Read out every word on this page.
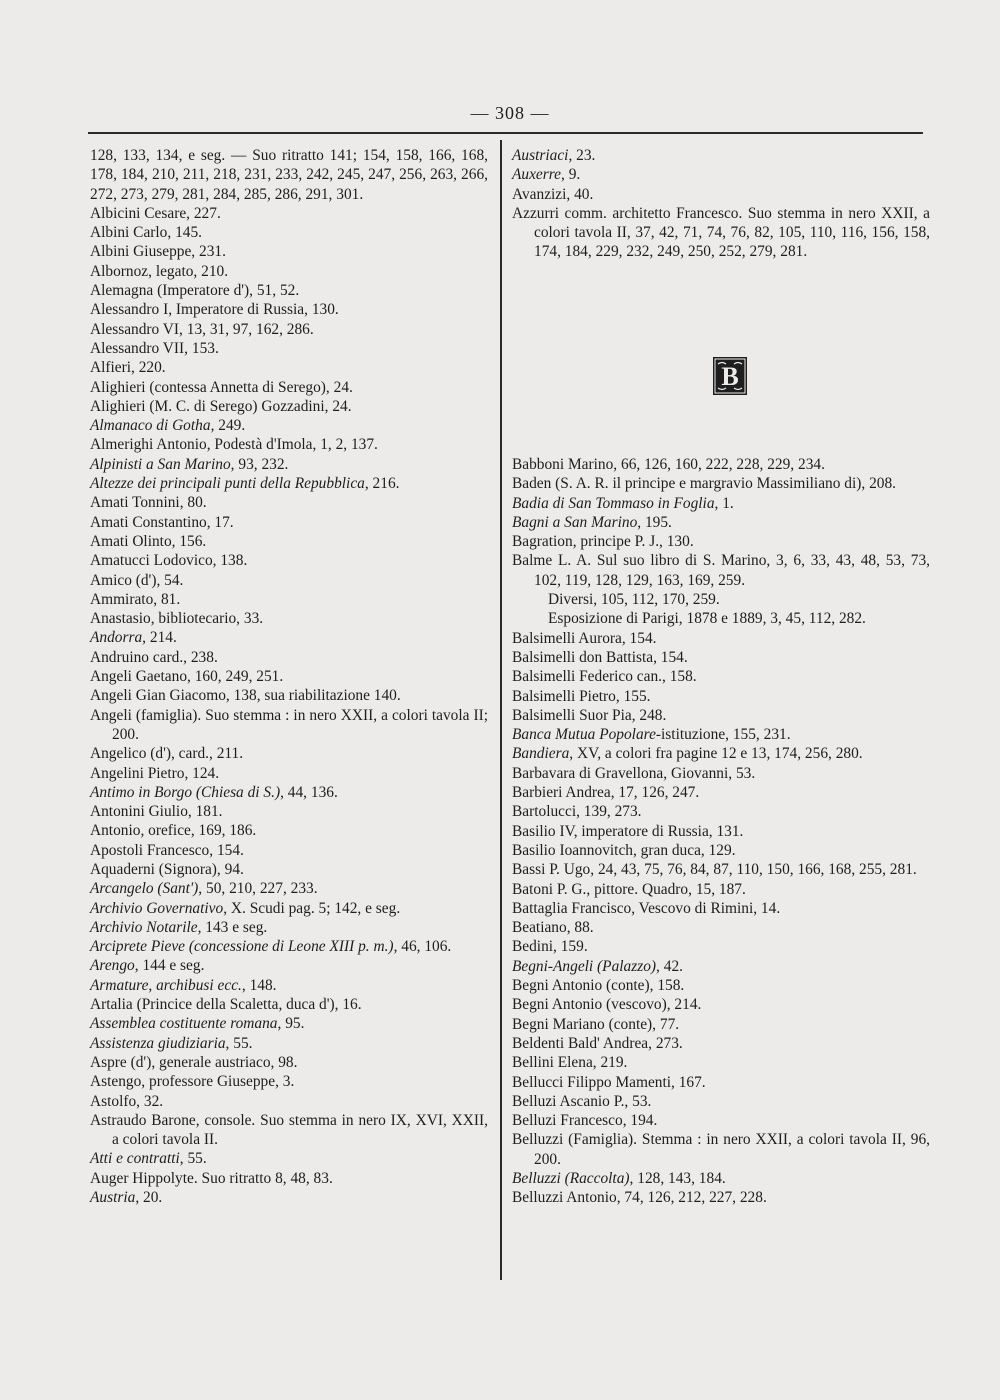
— 308 —
128, 133, 134, e seg. — Suo ritratto 141; 154, 158, 166, 168, 178, 184, 210, 211, 218, 231, 233, 242, 245, 247, 256, 263, 266, 272, 273, 279, 281, 284, 285, 286, 291, 301.
Albicini Cesare, 227.
Albini Carlo, 145.
Albini Giuseppe, 231.
Albornoz, legato, 210.
Alemagna (Imperatore d'), 51, 52.
Alessandro I, Imperatore di Russia, 130.
Alessandro VI, 13, 31, 97, 162, 286.
Alessandro VII, 153.
Alfieri, 220.
Alighieri (contessa Annetta di Serego), 24.
Alighieri (M. C. di Serego) Gozzadini, 24.
Almanaco di Gotha, 249.
Almerighi Antonio, Podestà d'Imola, 1, 2, 137.
Alpinisti a San Marino, 93, 232.
Altezze dei principali punti della Repubblica, 216.
Amati Tonnini, 80.
Amati Constantino, 17.
Amati Olinto, 156.
Amatucci Lodovico, 138.
Amico (d'), 54.
Ammirato, 81.
Anastasio, bibliotecario, 33.
Andorra, 214.
Andruino card., 238.
Angeli Gaetano, 160, 249, 251.
Angeli Gian Giacomo, 138, sua riabilitazione 140.
Angeli (famiglia). Suo stemma : in nero XXII, a colori tavola II; 200.
Angelico (d'), card., 211.
Angelini Pietro, 124.
Antimo in Borgo (Chiesa di S.), 44, 136.
Antonini Giulio, 181.
Antonio, orefice, 169, 186.
Apostoli Francesco, 154.
Aquaderni (Signora), 94.
Arcangelo (Sant'), 50, 210, 227, 233.
Archivio Governativo, X. Scudi pag. 5; 142, e seg.
Archivio Notarile, 143 e seg.
Arciprete Pieve (concessione di Leone XIII p. m.), 46, 106.
Arengo, 144 e seg.
Armature, archibusi ecc., 148.
Artalia (Princice della Scaletta, duca d'), 16.
Assemblea costituente romana, 95.
Assistenza giudiziaria, 55.
Aspre (d'), generale austriaco, 98.
Astengo, professore Giuseppe, 3.
Astolfo, 32.
Astraudo Barone, console. Suo stemma in nero IX, XVI, XXII, a colori tavola II.
Atti e contratti, 55.
Auger Hippolyte. Suo ritratto 8, 48, 83.
Austria, 20.
Austriaci, 23.
Auxerre, 9.
Avanzizi, 40.
Azzurri comm. architetto Francesco. Suo stemma in nero XXII, a colori tavola II, 37, 42, 71, 74, 76, 82, 105, 110, 116, 156, 158, 174, 184, 229, 232, 249, 250, 252, 279, 281.
B
Babboni Marino, 66, 126, 160, 222, 228, 229, 234.
Baden (S. A. R. il principe e margravio Massimiliano di), 208.
Badia di San Tommaso in Foglia, 1.
Bagni a San Marino, 195.
Bagration, principe P. J., 130.
Balme L. A. Sul suo libro di S. Marino, 3, 6, 33, 43, 48, 53, 73, 102, 119, 128, 129, 163, 169, 259.
Diversi, 105, 112, 170, 259.
Esposizione di Parigi, 1878 e 1889, 3, 45, 112, 282.
Balsimelli Aurora, 154.
Balsimelli don Battista, 154.
Balsimelli Federico can., 158.
Balsimelli Pietro, 155.
Balsimelli Suor Pia, 248.
Banca Mutua Popolare-istituzione, 155, 231.
Bandiera, XV, a colori fra pagine 12 e 13, 174, 256, 280.
Barbavara di Gravellona, Giovanni, 53.
Barbieri Andrea, 17, 126, 247.
Bartolucci, 139, 273.
Basilio IV, imperatore di Russia, 131.
Basilio Ioannovitch, gran duca, 129.
Bassi P. Ugo, 24, 43, 75, 76, 84, 87, 110, 150, 166, 168, 255, 281.
Batoni P. G., pittore. Quadro, 15, 187.
Battaglia Francisco, Vescovo di Rimini, 14.
Beatiano, 88.
Bedini, 159.
Begni-Angeli (Palazzo), 42.
Begni Antonio (conte), 158.
Begni Antonio (vescovo), 214.
Begni Mariano (conte), 77.
Beldenti Bald' Andrea, 273.
Bellini Elena, 219.
Bellucci Filippo Mamenti, 167.
Belluzi Ascanio P., 53.
Belluzi Francesco, 194.
Belluzzi (Famiglia). Stemma : in nero XXII, a colori tavola II, 96, 200.
Belluzzi (Raccolta), 128, 143, 184.
Belluzzi Antonio, 74, 126, 212, 227, 228.
